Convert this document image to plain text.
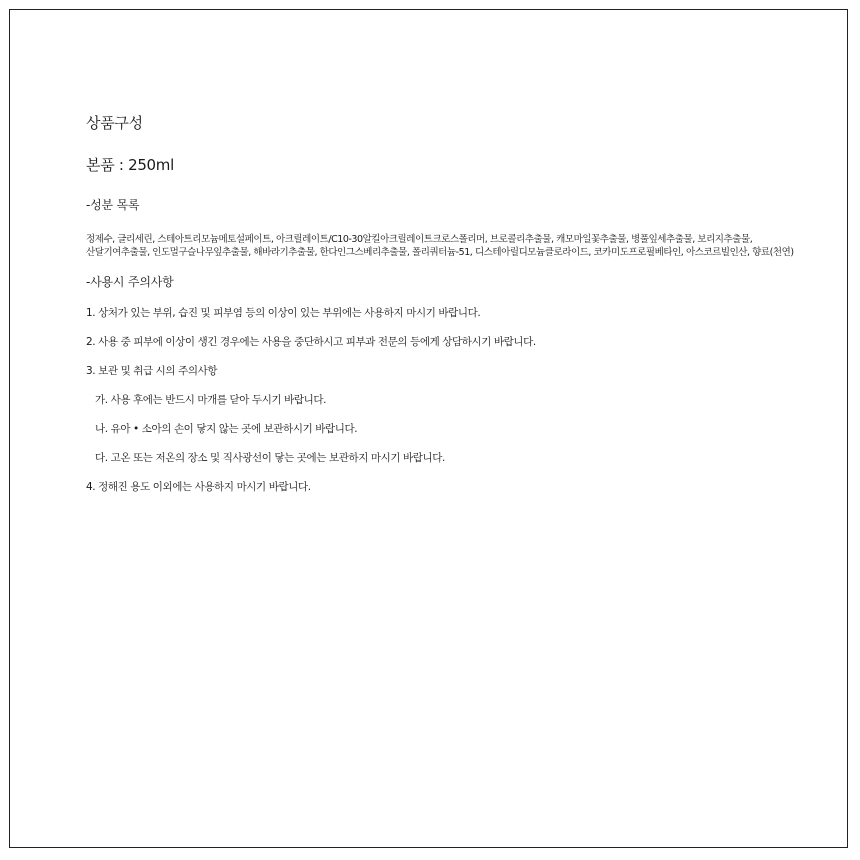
상품구성
본품 : 250ml
-성분 목록
정제수, 글리세린, 스테아트리모늄메토설페이트, 아크릴레이트/C10-30알킬아크릴레이트크로스폴리머, 브로콜리추출물, 캐모마일꽃추출물, 병풀잎세추출물, 보리지추출물, 산달기여추출물, 인도멀구슬나무잎추출물, 해바라기추출물, 한다인그스베리추출물, 폴리쿼터늄-51, 디스테아릴디모늄클로라이드, 코카미도프로필베타인, 아스코르빌인산, 향료(천연)
-사용시 주의사항
1. 상처가 있는 부위, 습진 및 피부염 등의 이상이 있는 부위에는 사용하지 마시기 바랍니다.
2. 사용 중 피부에 이상이 생긴 경우에는 사용을 중단하시고 피부과 전문의 등에게 상담하시기 바랍니다.
3. 보관 및 취급 시의 주의사항
가. 사용 후에는 반드시 마개를 닫아 두시기 바랍니다.
나. 유아 • 소아의 손이 닿지 않는 곳에 보관하시기 바랍니다.
다. 고온 또는 저온의 장소 및 직사광선이 닿는 곳에는 보관하지 마시기 바랍니다.
4. 정해진 용도 이외에는 사용하지 마시기 바랍니다.
